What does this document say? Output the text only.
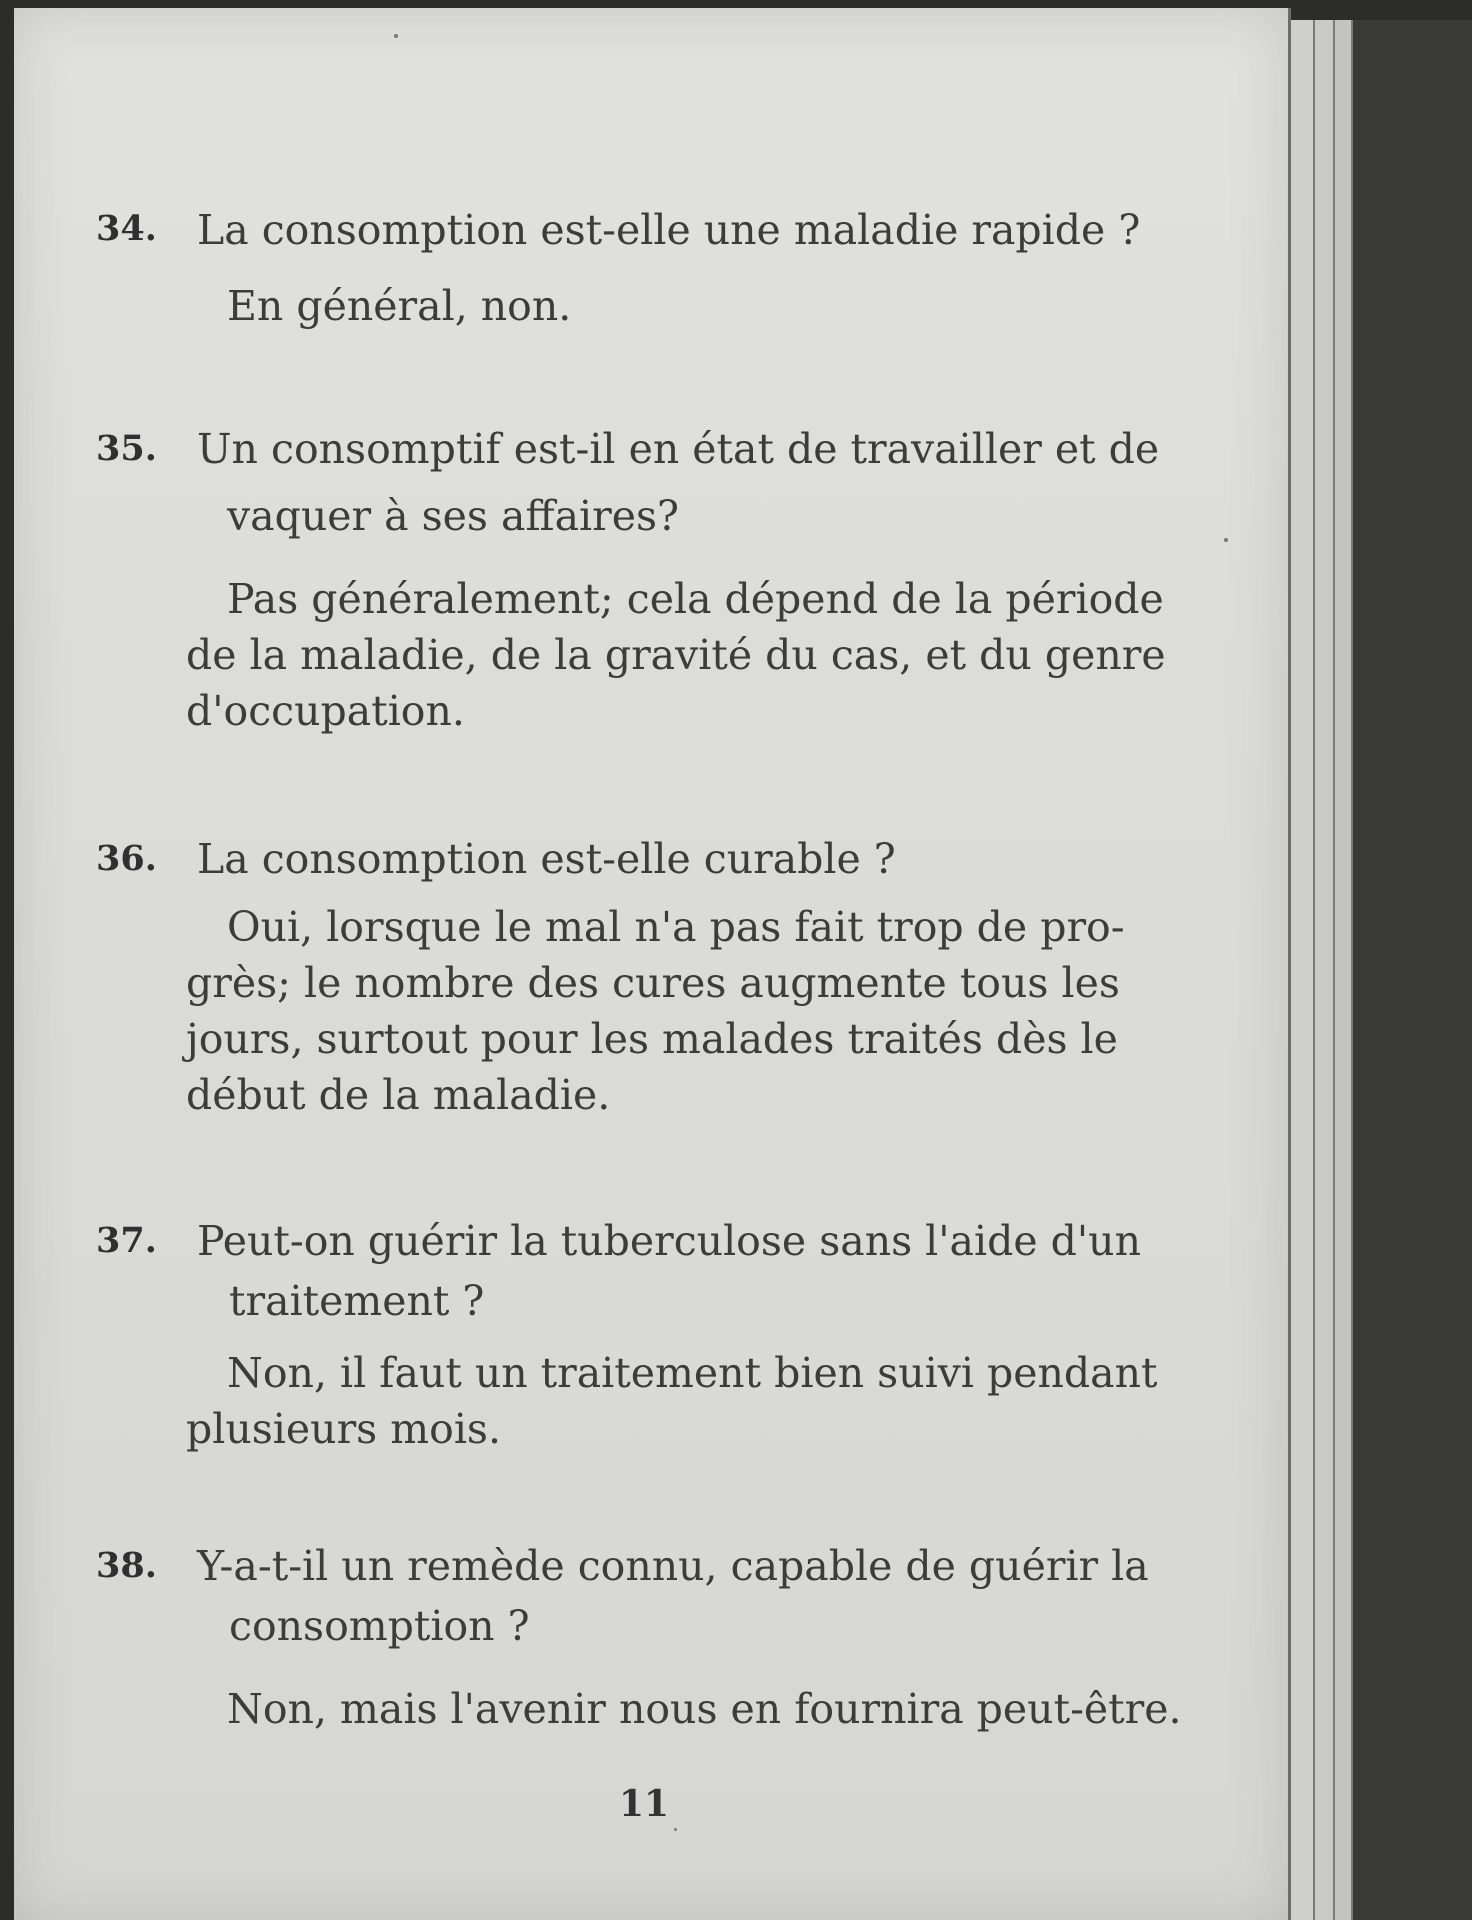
34. La consomption est-elle une maladie rapide ?
En général, non.
35. Un consomptif est-il en état de travailler et de
vaquer à ses affaires?
Pas généralement; cela dépend de la période
de la maladie, de la gravité du cas, et du genre
d'occupation.
36. La consomption est-elle curable ?
Oui, lorsque le mal n'a pas fait trop de pro-
grès; le nombre des cures augmente tous les
jours, surtout pour les malades traités dès le
début de la maladie.
37. Peut-on guérir la tuberculose sans l'aide d'un
traitement ?
Non, il faut un traitement bien suivi pendant
plusieurs mois.
38. Y-a-t-il un remède connu, capable de guérir la
consomption ?
Non, mais l'avenir nous en fournira peut-être.
11
